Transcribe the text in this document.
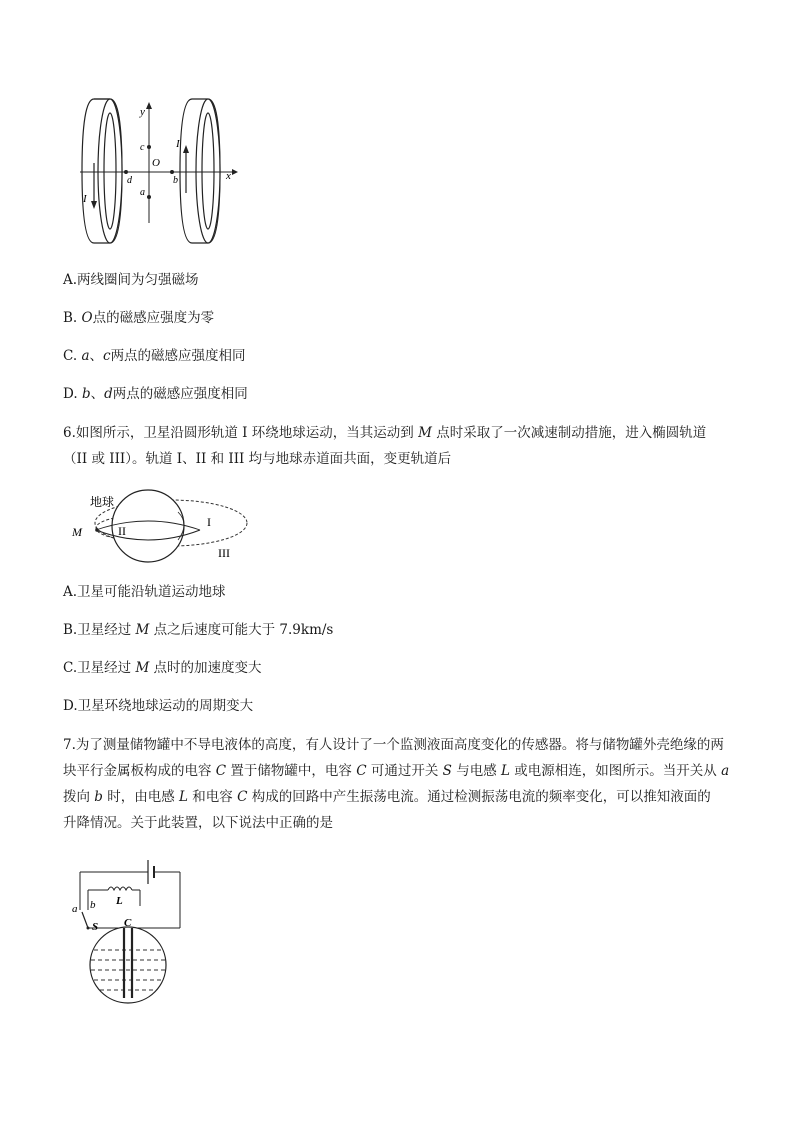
y
x
O
c
a
d	b
I
I
A.两线圈间为匀强磁场
B. O点的磁感应强度为零
C. a、c两点的磁感应强度相同
D. b、d两点的磁感应强度相同
6.如图所示，卫星沿圆形轨道 I 环绕地球运动，当其运动到 M 点时采取了一次减速制动措施，进入椭圆轨道
（II 或 III）。轨道 I、II 和 III 均与地球赤道面共面，变更轨道后
地球
M
I
II
III
A.卫星可能沿轨道运动地球
B.卫星经过 M 点之后速度可能大于 7.9km/s
C.卫星经过 M 点时的加速度变大
D.卫星环绕地球运动的周期变大
7.为了测量储物罐中不导电液体的高度，有人设计了一个监测液面高度变化的传感器。将与储物罐外壳绝缘的两
块平行金属板构成的电容 C 置于储物罐中，电容 C 可通过开关 S 与电感 L 或电源相连，如图所示。当开关从 a
拨向 b 时，由电感 L 和电容 C 构成的回路中产生振荡电流。通过检测振荡电流的频率变化，可以推知液面的
升降情况。关于此装置，以下说法中正确的是
a b
S
L
C
